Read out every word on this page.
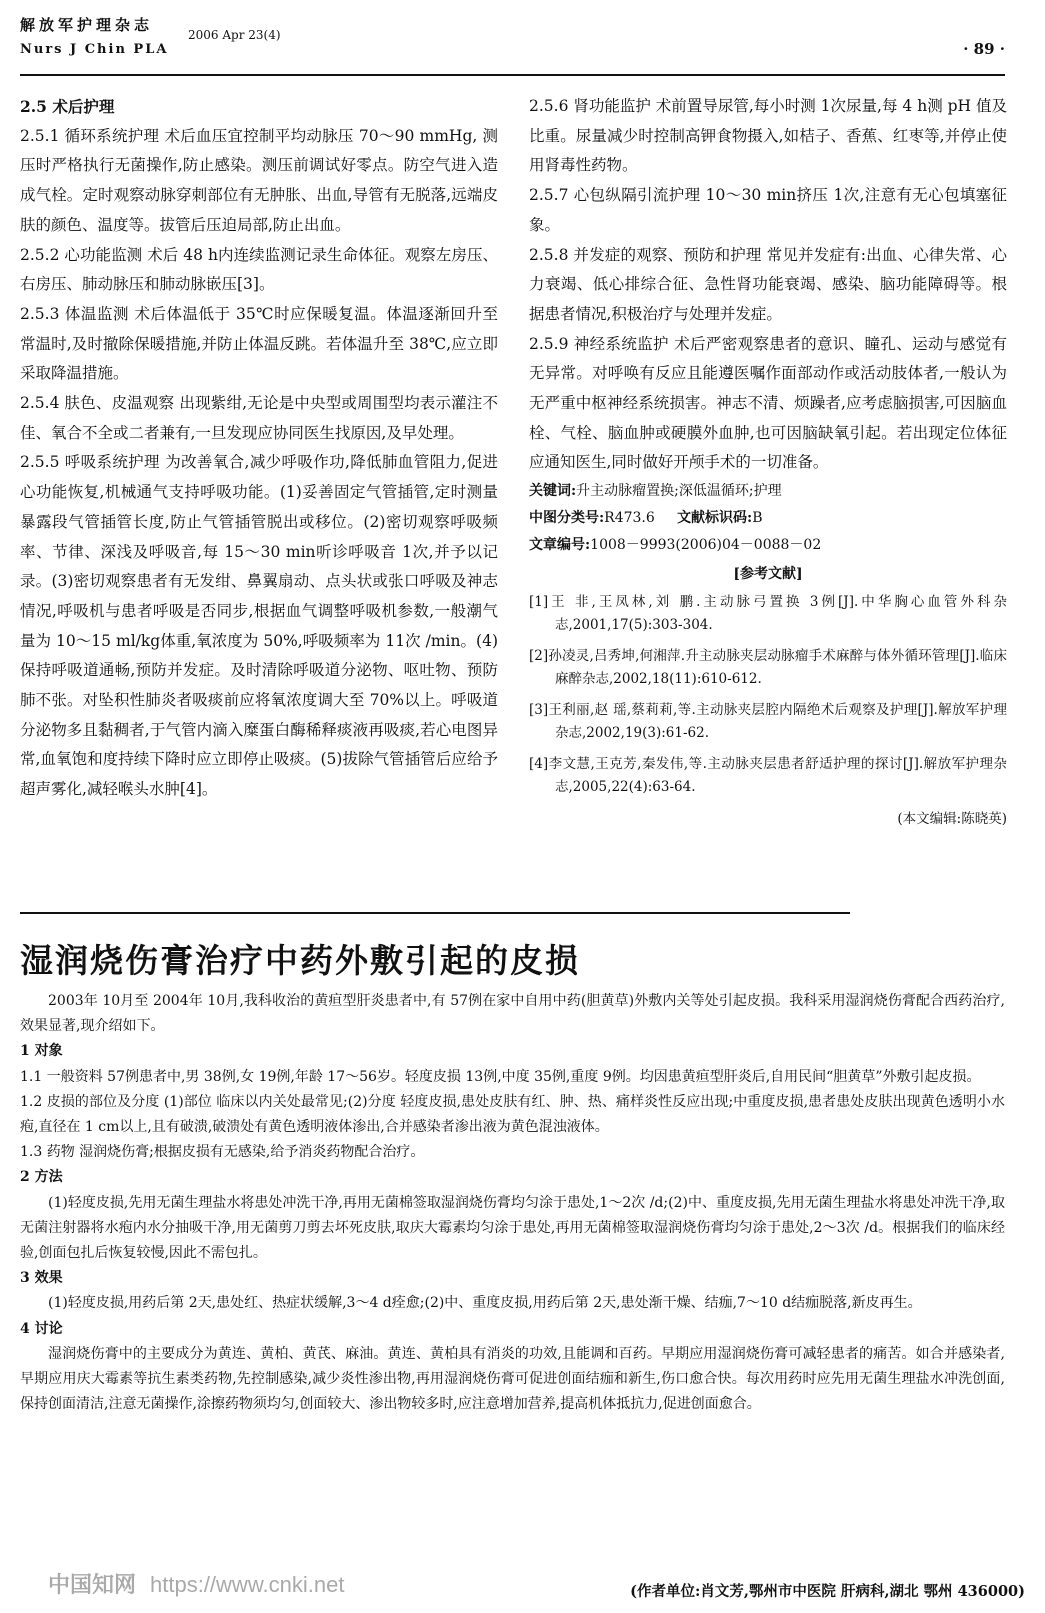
解放军护理杂志
Nurs J Chin PLA
2006 Apr 23(4)
· 89 ·

2.5 术后护理

2.5.1 循环系统护理 术后血压宜控制平均动脉压 70～90 mmHg, 测压时严格执行无菌操作,防止感染。测压前调试好零点。防空气进入造成气栓。定时观察动脉穿刺部位有无肿胀、出血,导管有无脱落,远端皮肤的颜色、温度等。拔管后压迫局部,防止出血。

2.5.2 心功能监测 术后 48 h内连续监测记录生命体征。观察左房压、右房压、肺动脉压和肺动脉嵌压[3]。

2.5.3 体温监测 术后体温低于 35℃时应保暖复温。体温逐渐回升至常温时,及时撤除保暖措施,并防止体温反跳。若体温升至 38℃,应立即采取降温措施。

2.5.4 肤色、皮温观察 出现紫绀,无论是中央型或周围型均表示灌注不佳、氧合不全或二者兼有,一旦发现应协同医生找原因,及早处理。

2.5.5 呼吸系统护理 为改善氧合,减少呼吸作功,降低肺血管阻力,促进心功能恢复,机械通气支持呼吸功能。(1)妥善固定气管插管,定时测量暴露段气管插管长度,防止气管插管脱出或移位。(2)密切观察呼吸频率、节律、深浅及呼吸音,每 15～30 min听诊呼吸音 1次,并予以记录。(3)密切观察患者有无发绀、鼻翼扇动、点头状或张口呼吸及神志情况,呼吸机与患者呼吸是否同步,根据血气调整呼吸机参数,一般潮气量为 10～15 ml/kg体重,氧浓度为 50%,呼吸频率为 11次 /min。(4)保持呼吸道通畅,预防并发症。及时清除呼吸道分泌物、呕吐物、预防肺不张。对坠积性肺炎者吸痰前应将氧浓度调大至 70%以上。呼吸道分泌物多且黏稠者,于气管内滴入糜蛋白酶稀释痰液再吸痰,若心电图异常,血氧饱和度持续下降时应立即停止吸痰。(5)拔除气管插管后应给予超声雾化,减轻喉头水肿[4]。

2.5.6 肾功能监护 术前置导尿管,每小时测 1次尿量,每 4 h测 pH 值及比重。尿量减少时控制高钾食物摄入,如桔子、香蕉、红枣等,并停止使用肾毒性药物。

2.5.7 心包纵隔引流护理 10～30 min挤压 1次,注意有无心包填塞征象。

2.5.8 并发症的观察、预防和护理 常见并发症有:出血、心律失常、心力衰竭、低心排综合征、急性肾功能衰竭、感染、脑功能障碍等。根据患者情况,积极治疗与处理并发症。

2.5.9 神经系统监护 术后严密观察患者的意识、瞳孔、运动与感觉有无异常。对呼唤有反应且能遵医嘱作面部动作或活动肢体者,一般认为无严重中枢神经系统损害。神志不清、烦躁者,应考虑脑损害,可因脑血栓、气栓、脑血肿或硬膜外血肿,也可因脑缺氧引起。若出现定位体征应通知医生,同时做好开颅手术的一切准备。

关键词:升主动脉瘤置换;深低温循环;护理

中图分类号:R473.6 文献标识码:B

文章编号:1008－9993(2006)04－0088－02

[参考文献]

[1]王 非,王凤林,刘 鹏.主动脉弓置换 3例[J].中华胸心血管外科杂志,2001,17(5):303-304.

[2]孙凌灵,吕秀坤,何湘萍.升主动脉夹层动脉瘤手术麻醉与体外循环管理[J].临床麻醉杂志,2002,18(11):610-612.

[3]王利丽,赵 瑶,蔡莉莉,等.主动脉夹层腔内隔绝术后观察及护理[J].解放军护理杂志,2002,19(3):61-62.

[4]李文慧,王克芳,秦发伟,等.主动脉夹层患者舒适护理的探讨[J].解放军护理杂志,2005,22(4):63-64.

(本文编辑:陈晓英)
湿润烧伤膏治疗中药外敷引起的皮损

2003年 10月至 2004年 10月,我科收治的黄疸型肝炎患者中,有 57例在家中自用中药(胆黄草)外敷内关等处引起皮损。我科采用湿润烧伤膏配合西药治疗,效果显著,现介绍如下。

1 对象

1.1 一般资料 57例患者中,男 38例,女 19例,年龄 17～56岁。轻度皮损 13例,中度 35例,重度 9例。均因患黄疸型肝炎后,自用民间“胆黄草”外敷引起皮损。

1.2 皮损的部位及分度 (1)部位 临床以内关处最常见;(2)分度 轻度皮损,患处皮肤有红、肿、热、痛样炎性反应出现;中重度皮损,患者患处皮肤出现黄色透明小水疱,直径在 1 cm以上,且有破溃,破溃处有黄色透明液体渗出,合并感染者渗出液为黄色混浊液体。

1.3 药物 湿润烧伤膏;根据皮损有无感染,给予消炎药物配合治疗。

2 方法

(1)轻度皮损,先用无菌生理盐水将患处冲洗干净,再用无菌棉签取湿润烧伤膏均匀涂于患处,1～2次 /d;(2)中、重度皮损,先用无菌生理盐水将患处冲洗干净,取无菌注射器将水疱内水分抽吸干净,用无菌剪刀剪去坏死皮肤,取庆大霉素均匀涂于患处,再用无菌棉签取湿润烧伤膏均匀涂于患处,2～3次 /d。根据我们的临床经验,创面包扎后恢复较慢,因此不需包扎。

3 效果

(1)轻度皮损,用药后第 2天,患处红、热症状缓解,3～4 d痊愈;(2)中、重度皮损,用药后第 2天,患处渐干燥、结痂,7～10 d结痂脱落,新皮再生。

4 讨论

湿润烧伤膏中的主要成分为黄连、黄柏、黄芪、麻油。黄连、黄柏具有消炎的功效,且能调和百药。早期应用湿润烧伤膏可减轻患者的痛苦。如合并感染者,早期应用庆大霉素等抗生素类药物,先控制感染,减少炎性渗出物,再用湿润烧伤膏可促进创面结痂和新生,伤口愈合快。每次用药时应先用无菌生理盐水冲洗创面,保持创面清洁,注意无菌操作,涂擦药物须均匀,创面较大、渗出物较多时,应注意增加营养,提高机体抵抗力,促进创面愈合。

中国知网 https://www.cnki.net	(作者单位:肖文芳,鄂州市中医院 肝病科,湖北 鄂州 436000)
